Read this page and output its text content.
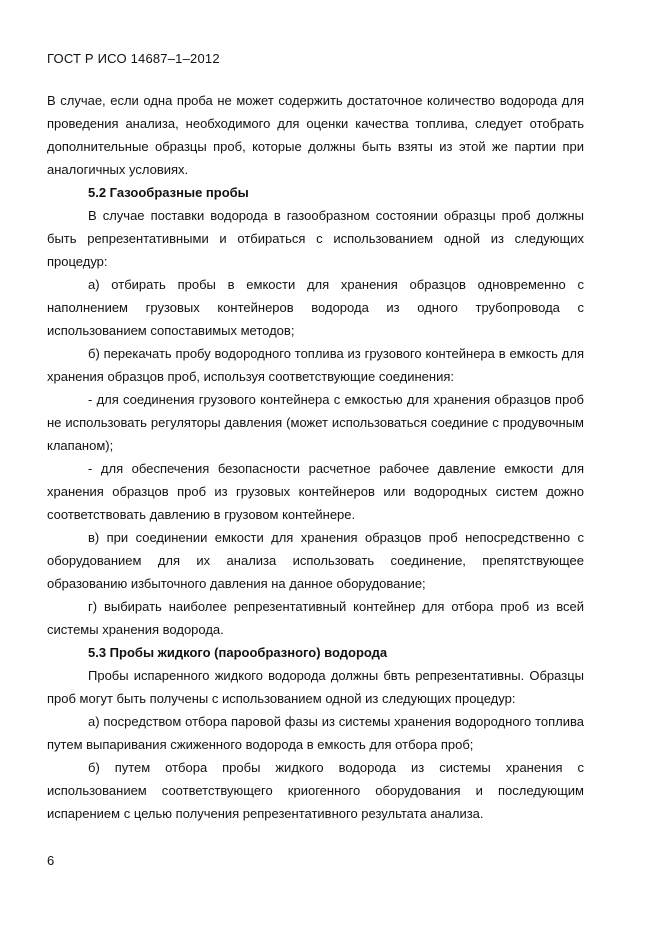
ГОСТ Р ИСО 14687–1–2012

В случае, если одна проба не может содержить достаточное количество водорода для проведения анализа, необходимого для оценки качества топлива, следует отобрать дополнительные образцы проб, которые должны быть взяты из этой же партии при аналогичных условиях.

5.2 Газообразные пробы

В случае поставки водорода в газообразном состоянии образцы проб должны быть репрезентативными и отбираться с использованием одной из следующих процедур:

а) отбирать пробы в емкости для хранения образцов одновременно с наполнением грузовых контейнеров водорода из одного трубопровода с использованием сопоставимых методов;

б) перекачать пробу водородного топлива из грузового контейнера в емкость для хранения образцов проб, используя соответствующие соединения:

- для соединения грузового контейнера с емкостью для хранения образцов проб не использовать регуляторы давления (может использоваться соединие с продувочным клапаном);

- для обеспечения безопасности расчетное рабочее давление емкости для хранения образцов проб из грузовых контейнеров или водородных систем дожно соответствовать давлению в грузовом контейнере.

в) при соединении емкости для хранения образцов проб непосредственно с оборудованием для их анализа использовать соединение, препятствующее образованию избыточного давления на данное оборудование;

г) выбирать наиболее репрезентативный контейнер для отбора проб из всей системы хранения водорода.

5.3 Пробы жидкого (парообразного) водорода

Пробы испаренного жидкого водорода должны бвть репрезентативны. Образцы проб могут быть получены с использованием одной из следующих процедур:

а) посредством отбора паровой фазы из системы хранения водородного топлива путем выпаривания сжиженного водорода в емкость для отбора проб;

б) путем отбора пробы жидкого водорода из системы хранения с использованием соответствующего криогенного оборудования и последующим испарением с целью получения репрезентативного результата анализа.

6
